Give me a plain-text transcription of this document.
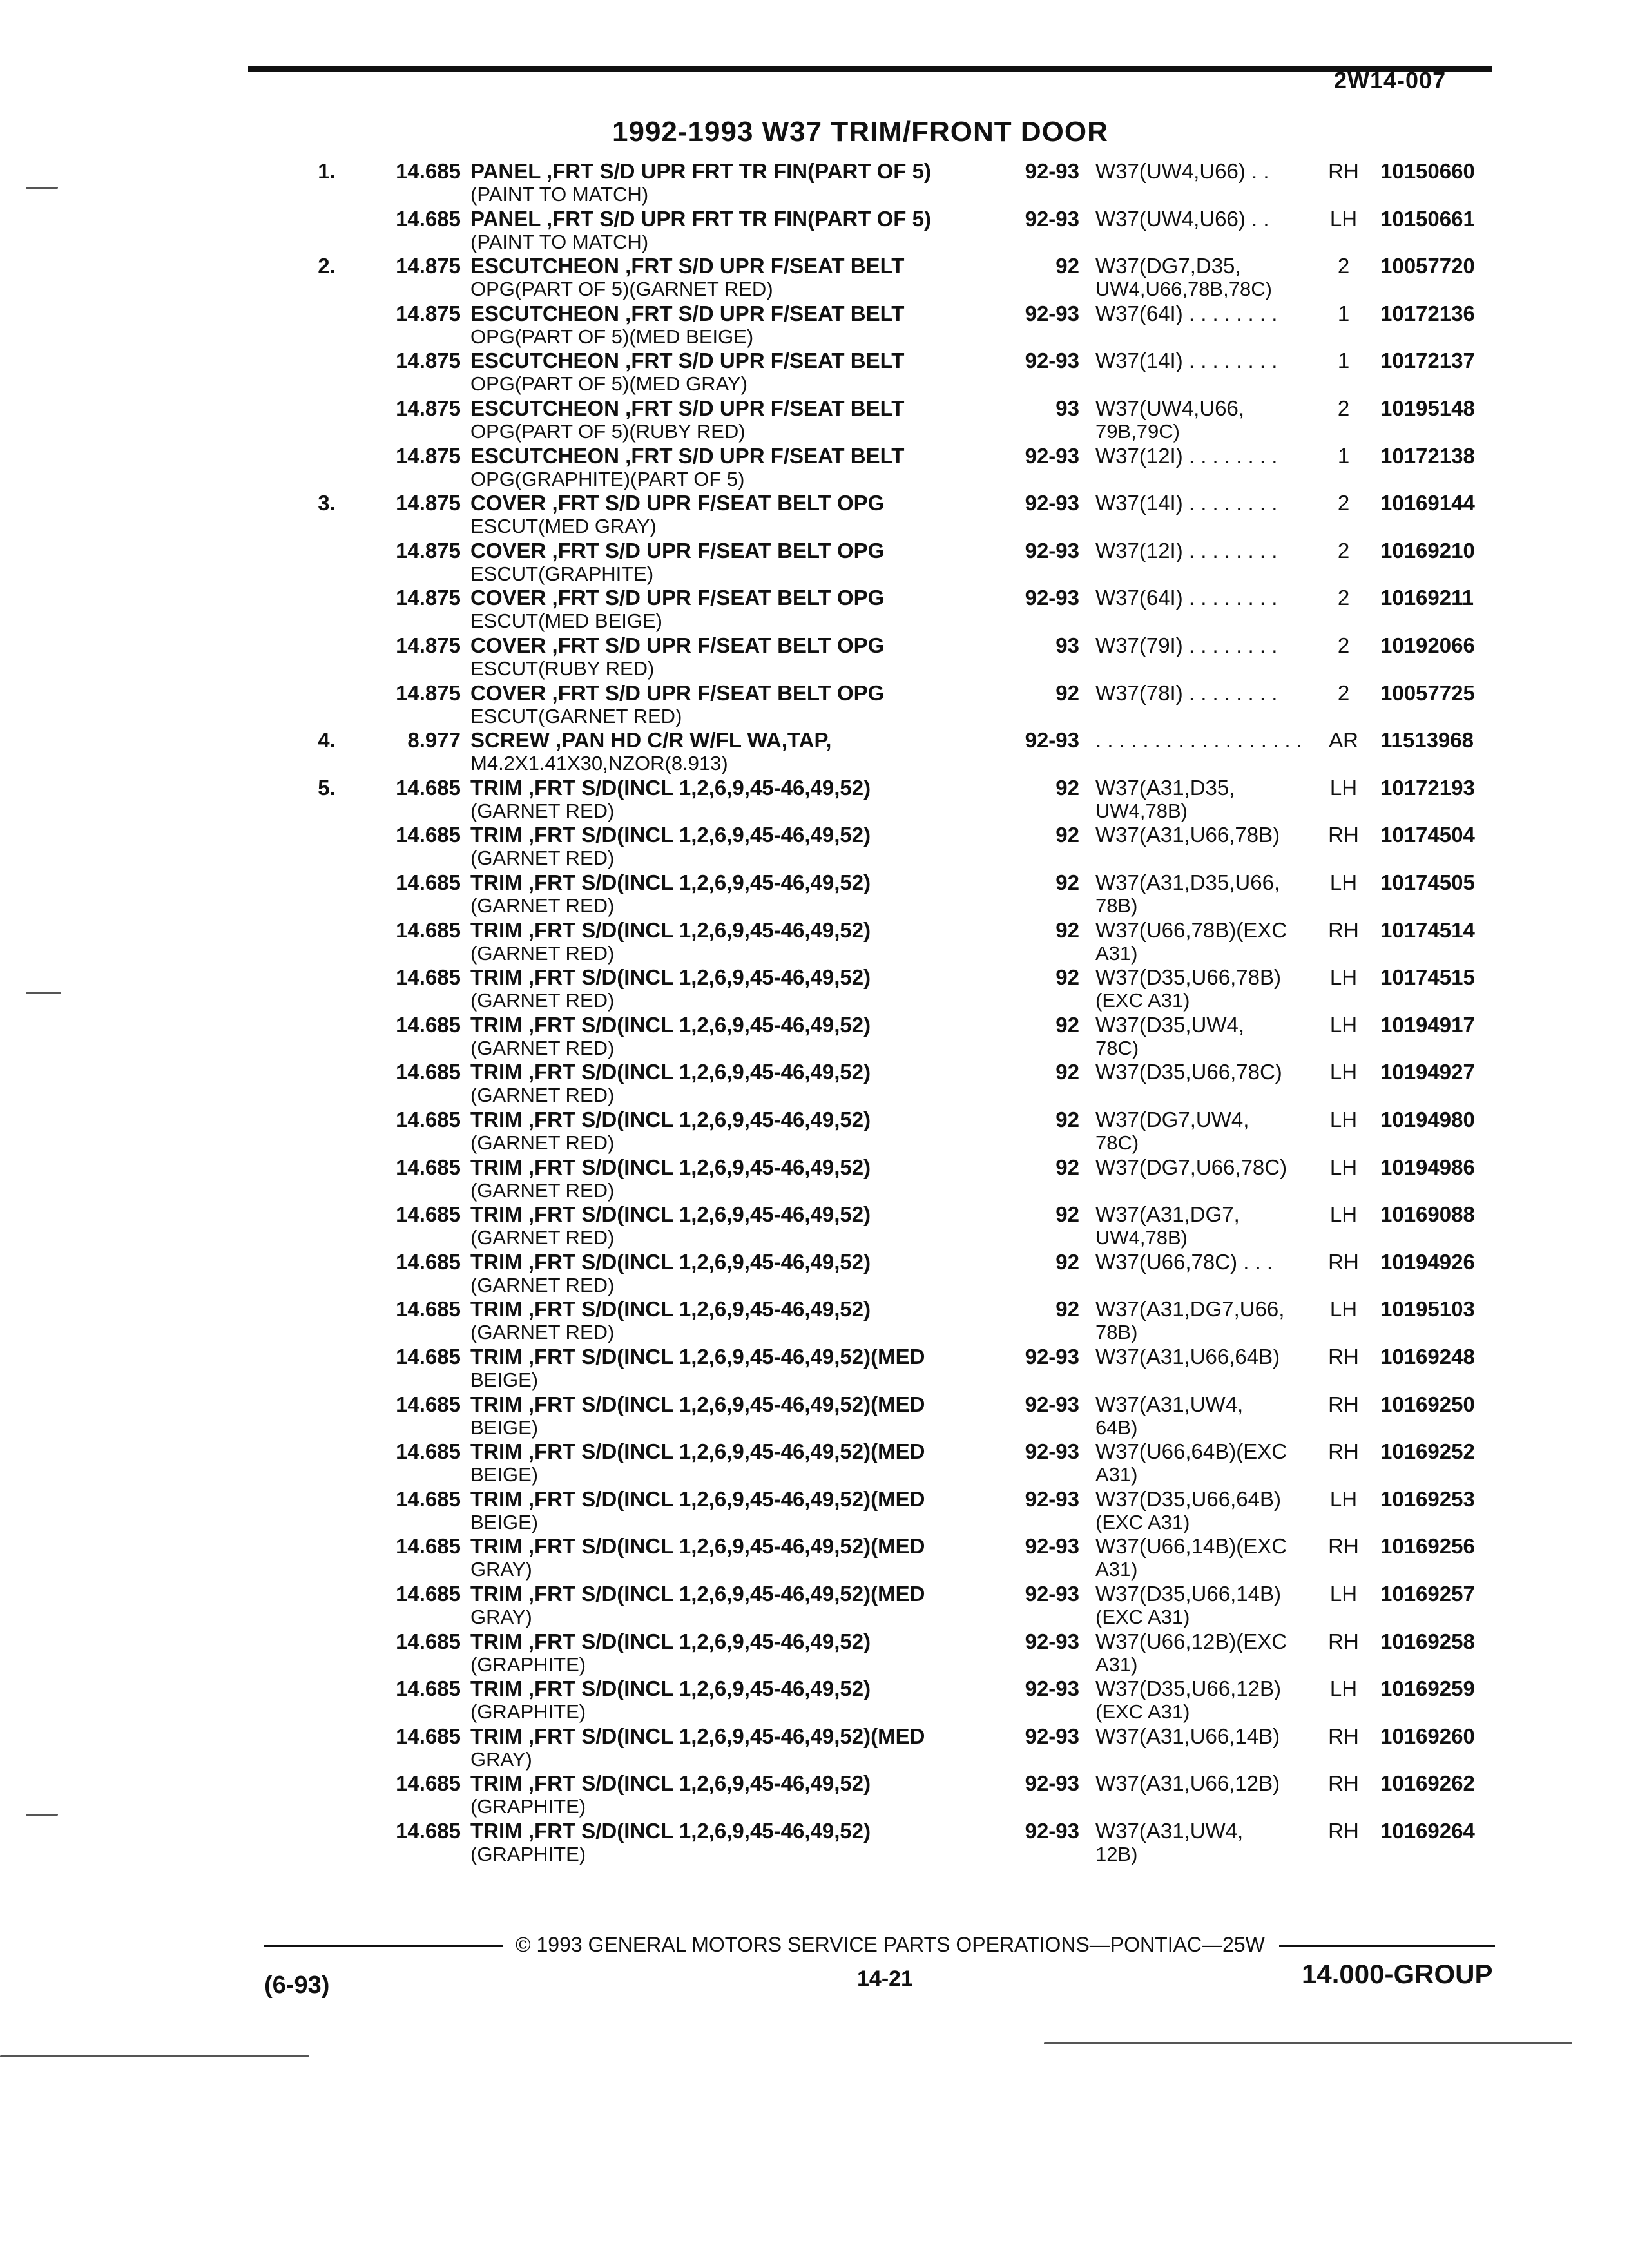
2W14-007
1992-1993 W37 TRIM/FRONT DOOR
1.	14.685 PANEL ,FRT S/D UPR FRT TR FIN(PART OF 5)
(PAINT TO MATCH)
92-93 W37(UW4,U66) . .	RH	10150660
14.685 PANEL ,FRT S/D UPR FRT TR FIN(PART OF 5)
(PAINT TO MATCH)
92-93 W37(UW4,U66) . .	LH	10150661
2.	14.875 ESCUTCHEON ,FRT S/D UPR F/SEAT BELT
OPG(PART OF 5)(GARNET RED)
92 W37(DG7,D35,
UW4,U66,78B,78C)
2	10057720
14.875 ESCUTCHEON ,FRT S/D UPR F/SEAT BELT
OPG(PART OF 5)(MED BEIGE)
92-93 W37(64I) . . . . . . . .	1	10172136
14.875 ESCUTCHEON ,FRT S/D UPR F/SEAT BELT
OPG(PART OF 5)(MED GRAY)
92-93 W37(14I) . . . . . . . .	1	10172137
14.875 ESCUTCHEON ,FRT S/D UPR F/SEAT BELT
OPG(PART OF 5)(RUBY RED)
93 W37(UW4,U66,
79B,79C)
2	10195148
14.875 ESCUTCHEON ,FRT S/D UPR F/SEAT BELT
OPG(GRAPHITE)(PART OF 5)
92-93 W37(12I) . . . . . . . .	1	10172138
3.	14.875 COVER ,FRT S/D UPR F/SEAT BELT OPG
ESCUT(MED GRAY)
92-93 W37(14I) . . . . . . . .	2	10169144
14.875 COVER ,FRT S/D UPR F/SEAT BELT OPG
ESCUT(GRAPHITE)
92-93 W37(12I) . . . . . . . .	2	10169210
14.875 COVER ,FRT S/D UPR F/SEAT BELT OPG
ESCUT(MED BEIGE)
92-93 W37(64I) . . . . . . . .	2	10169211
14.875 COVER ,FRT S/D UPR F/SEAT BELT OPG
ESCUT(RUBY RED)
93 W37(79I) . . . . . . . .	2	10192066
14.875 COVER ,FRT S/D UPR F/SEAT BELT OPG
ESCUT(GARNET RED)
92 W37(78I) . . . . . . . .	2	10057725
4.	8.977 SCREW ,PAN HD C/R W/FL WA,TAP,
M4.2X1.41X30,NZOR(8.913)
92-93 . . . . . . . . . . . . . . . . . .	AR	11513968
5.	14.685 TRIM ,FRT S/D(INCL 1,2,6,9,45-46,49,52)
(GARNET RED)
92 W37(A31,D35,
UW4,78B)
LH	10172193
14.685 TRIM ,FRT S/D(INCL 1,2,6,9,45-46,49,52)
(GARNET RED)
92 W37(A31,U66,78B)	RH	10174504
14.685 TRIM ,FRT S/D(INCL 1,2,6,9,45-46,49,52)
(GARNET RED)
92 W37(A31,D35,U66,
78B)
LH	10174505
14.685 TRIM ,FRT S/D(INCL 1,2,6,9,45-46,49,52)
(GARNET RED)
92 W37(U66,78B)(EXC
A31)
RH	10174514
14.685 TRIM ,FRT S/D(INCL 1,2,6,9,45-46,49,52)
(GARNET RED)
92 W37(D35,U66,78B)
(EXC A31)
LH	10174515
14.685 TRIM ,FRT S/D(INCL 1,2,6,9,45-46,49,52)
(GARNET RED)
92 W37(D35,UW4,
78C)
LH	10194917
14.685 TRIM ,FRT S/D(INCL 1,2,6,9,45-46,49,52)
(GARNET RED)
92 W37(D35,U66,78C)	LH	10194927
14.685 TRIM ,FRT S/D(INCL 1,2,6,9,45-46,49,52)
(GARNET RED)
92 W37(DG7,UW4,
78C)
LH	10194980
14.685 TRIM ,FRT S/D(INCL 1,2,6,9,45-46,49,52)
(GARNET RED)
92 W37(DG7,U66,78C)	LH	10194986
14.685 TRIM ,FRT S/D(INCL 1,2,6,9,45-46,49,52)
(GARNET RED)
92 W37(A31,DG7,
UW4,78B)
LH	10169088
14.685 TRIM ,FRT S/D(INCL 1,2,6,9,45-46,49,52)
(GARNET RED)
92 W37(U66,78C) . . .	RH	10194926
14.685 TRIM ,FRT S/D(INCL 1,2,6,9,45-46,49,52)
(GARNET RED)
92 W37(A31,DG7,U66,
78B)
LH	10195103
14.685 TRIM ,FRT S/D(INCL 1,2,6,9,45-46,49,52)(MED
BEIGE)
92-93 W37(A31,U66,64B)	RH	10169248
14.685 TRIM ,FRT S/D(INCL 1,2,6,9,45-46,49,52)(MED
BEIGE)
92-93 W37(A31,UW4,
64B)
RH	10169250
14.685 TRIM ,FRT S/D(INCL 1,2,6,9,45-46,49,52)(MED
BEIGE)
92-93 W37(U66,64B)(EXC
A31)
RH	10169252
14.685 TRIM ,FRT S/D(INCL 1,2,6,9,45-46,49,52)(MED
BEIGE)
92-93 W37(D35,U66,64B)
(EXC A31)
LH	10169253
14.685 TRIM ,FRT S/D(INCL 1,2,6,9,45-46,49,52)(MED
GRAY)
92-93 W37(U66,14B)(EXC
A31)
RH	10169256
14.685 TRIM ,FRT S/D(INCL 1,2,6,9,45-46,49,52)(MED
GRAY)
92-93 W37(D35,U66,14B)
(EXC A31)
LH	10169257
14.685 TRIM ,FRT S/D(INCL 1,2,6,9,45-46,49,52)
(GRAPHITE)
92-93 W37(U66,12B)(EXC
A31)
RH	10169258
14.685 TRIM ,FRT S/D(INCL 1,2,6,9,45-46,49,52)
(GRAPHITE)
92-93 W37(D35,U66,12B)
(EXC A31)
LH	10169259
14.685 TRIM ,FRT S/D(INCL 1,2,6,9,45-46,49,52)(MED
GRAY)
92-93 W37(A31,U66,14B)	RH	10169260
14.685 TRIM ,FRT S/D(INCL 1,2,6,9,45-46,49,52)
(GRAPHITE)
92-93 W37(A31,U66,12B)	RH	10169262
14.685 TRIM ,FRT S/D(INCL 1,2,6,9,45-46,49,52)
(GRAPHITE)
92-93 W37(A31,UW4,
12B)
RH	10169264
© 1993 GENERAL MOTORS SERVICE PARTS OPERATIONS—PONTIAC—25W
14-21
(6-93)	14.000-GROUP
